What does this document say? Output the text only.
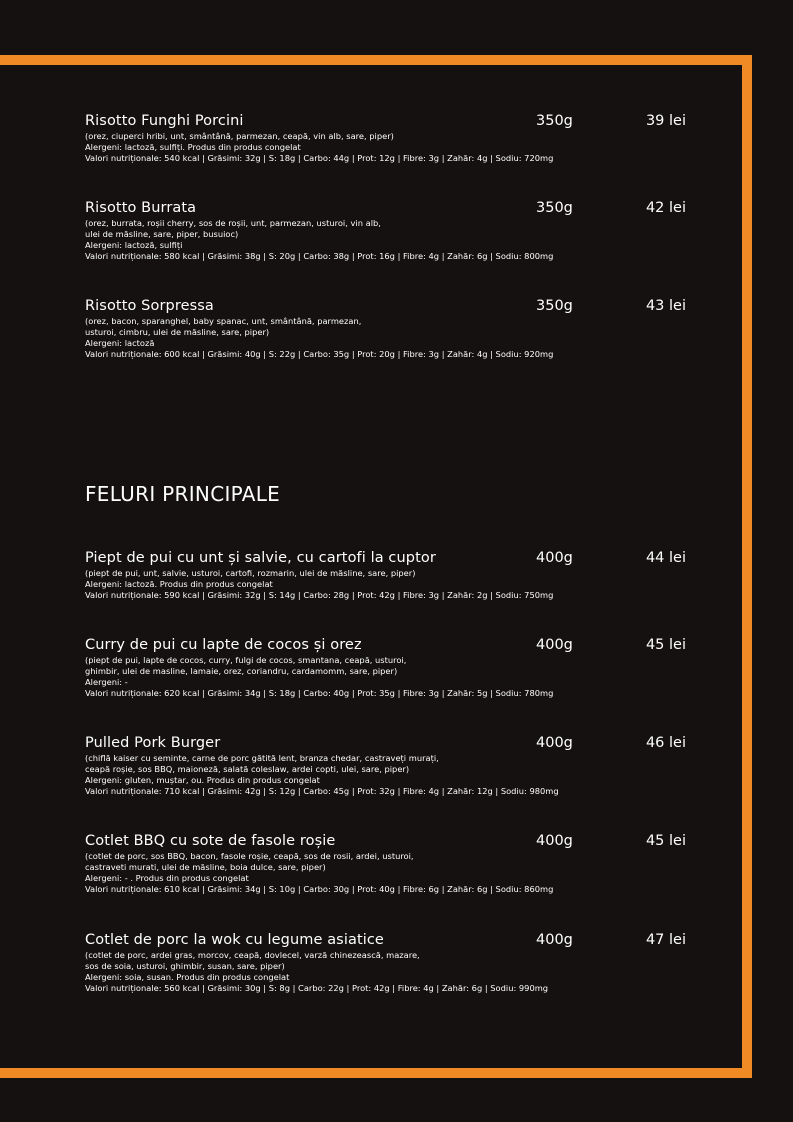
Risotto Funghi Porcini	350g	39 lei
(orez, ciuperci hribi, unt, smântână, parmezan, ceapă, vin alb, sare, piper)
Alergeni: lactoză, sulfiți. Produs din produs congelat
Valori nutriționale: 540 kcal | Grăsimi: 32g | S: 18g | Carbo: 44g | Prot: 12g | Fibre: 3g | Zahăr: 4g | Sodiu: 720mg
Risotto Burrata	350g	42 lei
(orez, burrata, roșii cherry, sos de roșii, unt, parmezan, usturoi, vin alb,
ulei de măsline, sare, piper, busuioc)
Alergeni: lactoză, sulfiți
Valori nutriționale: 580 kcal | Grăsimi: 38g | S: 20g | Carbo: 38g | Prot: 16g | Fibre: 4g | Zahăr: 6g | Sodiu: 800mg
Risotto Sorpressa	350g	43 lei
(orez, bacon, sparanghel, baby spanac, unt, smântână, parmezan,
usturoi, cimbru, ulei de măsline, sare, piper)
Alergeni: lactoză
Valori nutriționale: 600 kcal | Grăsimi: 40g | S: 22g | Carbo: 35g | Prot: 20g | Fibre: 3g | Zahăr: 4g | Sodiu: 920mg
FELURI PRINCIPALE
Piept de pui cu unt și salvie, cu cartofi la cuptor	400g	44 lei
(piept de pui, unt, salvie, usturoi, cartofi, rozmarin, ulei de măsline, sare, piper)
Alergeni: lactoză. Produs din produs congelat
Valori nutriționale: 590 kcal | Grăsimi: 32g | S: 14g | Carbo: 28g | Prot: 42g | Fibre: 3g | Zahăr: 2g | Sodiu: 750mg
Curry de pui cu lapte de cocos și orez	400g	45 lei
(piept de pui, lapte de cocos, curry, fulgi de cocos, smantana, ceapă, usturoi,
ghimbir, ulei de masline, lamaie, orez, coriandru, cardamomm, sare, piper)
Alergeni: -
Valori nutriționale: 620 kcal | Grăsimi: 34g | S: 18g | Carbo: 40g | Prot: 35g | Fibre: 3g | Zahăr: 5g | Sodiu: 780mg
Pulled Pork Burger	400g	46 lei
(chiflă kaiser cu seminte, carne de porc gătită lent, branza chedar, castraveți murați,
ceapă roșie, sos BBQ, maioneză, salată coleslaw, ardei copti, ulei, sare, piper)
Alergeni: gluten, muștar, ou. Produs din produs congelat
Valori nutriționale: 710 kcal | Grăsimi: 42g | S: 12g | Carbo: 45g | Prot: 32g | Fibre: 4g | Zahăr: 12g | Sodiu: 980mg
Cotlet BBQ cu sote de fasole roșie	400g	45 lei
(cotlet de porc, sos BBQ, bacon, fasole roșie, ceapă, sos de rosii, ardei, usturoi,
castraveti murati, ulei de măsline, boia dulce, sare, piper)
Alergeni: - . Produs din produs congelat
Valori nutriționale: 610 kcal | Grăsimi: 34g | S: 10g | Carbo: 30g | Prot: 40g | Fibre: 6g | Zahăr: 6g | Sodiu: 860mg
Cotlet de porc la wok cu legume asiatice	400g	47 lei
(cotlet de porc, ardei gras, morcov, ceapă, dovlecel, varză chinezească, mazare,
sos de soia, usturoi, ghimbir, susan, sare, piper)
Alergeni: soia, susan. Produs din produs congelat
Valori nutriționale: 560 kcal | Grăsimi: 30g | S: 8g | Carbo: 22g | Prot: 42g | Fibre: 4g | Zahăr: 6g | Sodiu: 990mg
